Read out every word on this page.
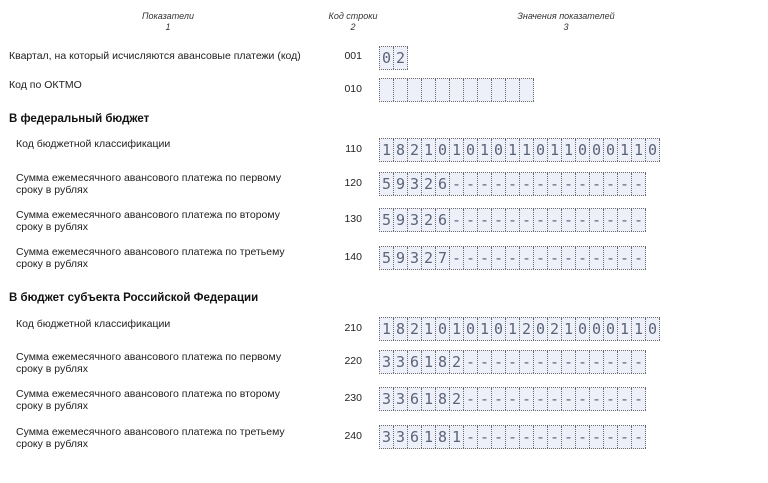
Показатели
1
Код строки
2
Значения показателей
3
Квартал, на который исчисляются авансовые платежи (код)	001 0 2
Код по ОКТМО	010
В федеральный бюджет
Код бюджетной классификации	110 1 8 2 1 0 1 0 1 0 1 1 0 1 1 0 0 0 1 1 0
Сумма ежемесячного авансового платежа по первому
сроку в рублях
120 5 9 3 2 6 - - - - - - - - - - - - - -
Сумма ежемесячного авансового платежа по второму
сроку в рублях
130 5 9 3 2 6 - - - - - - - - - - - - - -
Сумма ежемесячного авансового платежа по третьему
сроку в рублях
140 5 9 3 2 7 - - - - - - - - - - - - - -
В бюджет субъекта Российской Федерации
Код бюджетной классификации	210 1 8 2 1 0 1 0 1 0 1 2 0 2 1 0 0 0 1 1 0
Сумма ежемесячного авансового платежа по первому
сроку в рублях
220 3 3 6 1 8 2 - - - - - - - - - - - - -
Сумма ежемесячного авансового платежа по второму
сроку в рублях
230 3 3 6 1 8 2 - - - - - - - - - - - - -
Сумма ежемесячного авансового платежа по третьему
сроку в рублях
240 3 3 6 1 8 1 - - - - - - - - - - - - -
